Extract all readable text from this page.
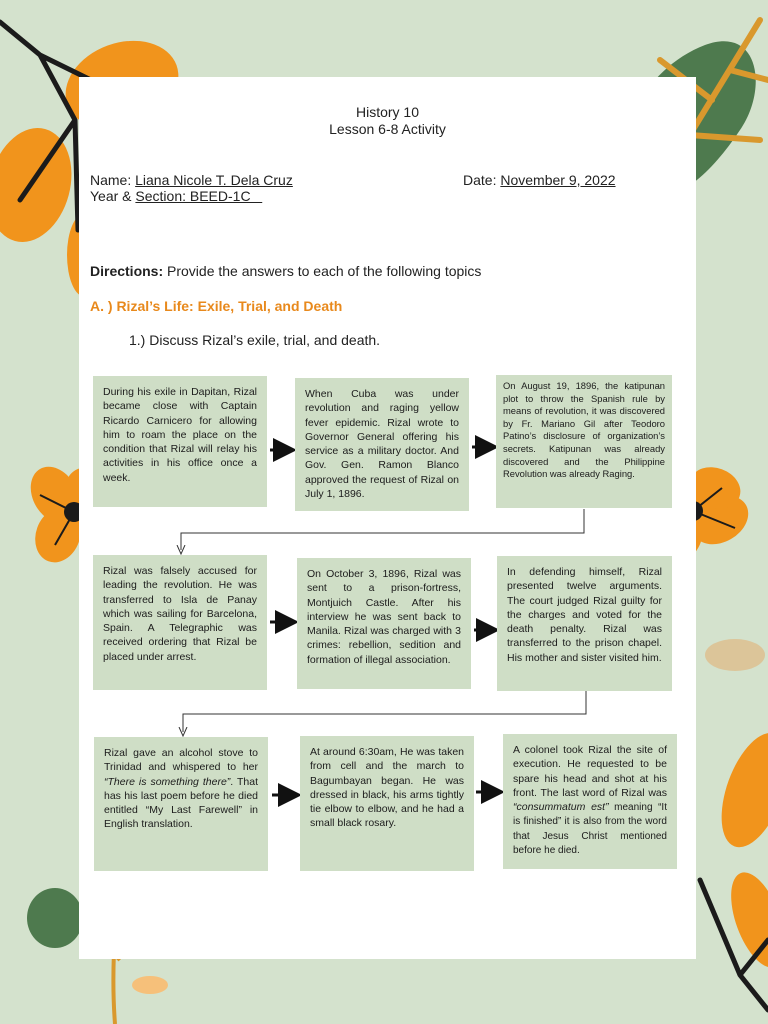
History 10
Lesson 6-8 Activity
Name: Liana Nicole T. Dela Cruz
Year & Section: BEED-1C
Date: November 9, 2022
Directions: Provide the answers to each of the following topics
A. ) Rizal’s Life: Exile, Trial, and Death
1.) Discuss Rizal’s exile, trial, and death.
During his exile in Dapitan, Rizal became close with Captain Ricardo Carnicero for allowing him to roam the place on the condition that Rizal will relay his activities in his office once a week.
When Cuba was under revolution and raging yellow fever epidemic. Rizal wrote to Governor General offering his service as a military doctor. And Gov. Gen. Ramon Blanco approved the request of Rizal on July 1, 1896.
On August 19, 1896, the katipunan plot to throw the Spanish rule by means of revolution, it was discovered by Fr. Mariano Gil after Teodoro Patino’s disclosure of organization’s secrets. Katipunan was already discovered and the Philippine Revolution was already Raging.
Rizal was falsely accused for leading the revolution. He was transferred to Isla de Panay which was sailing for Barcelona, Spain. A Telegraphic was received ordering that Rizal be placed under arrest.
On October 3, 1896, Rizal was sent to a prison-fortress, Montjuich Castle. After his interview he was sent back to Manila. Rizal was charged with 3 crimes: rebellion, sedition and formation of illegal association.
In defending himself, Rizal presented twelve arguments. The court judged Rizal guilty for the charges and voted for the death penalty. Rizal was transferred to the prison chapel. His mother and sister visited him.
Rizal gave an alcohol stove to Trinidad and whispered to her “There is something there”. That has his last poem before he died entitled “My Last Farewell” in English translation.
At around 6:30am, He was taken from cell and the march to Bagumbayan began. He was dressed in black, his arms tightly tie elbow to elbow, and he had a small black rosary.
A colonel took Rizal the site of execution. He requested to be spare his head and shot at his front. The last word of Rizal was “consummatum est” meaning “It is finished” it is also from the word that Jesus Christ mentioned before he died.
